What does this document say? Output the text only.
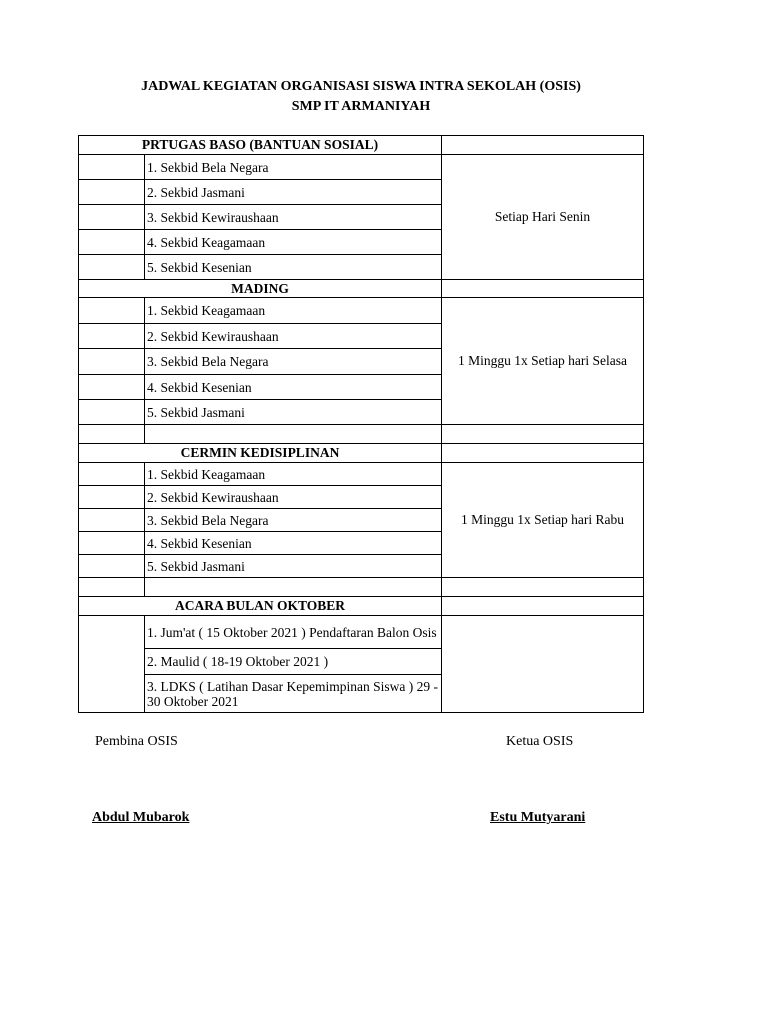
JADWAL KEGIATAN ORGANISASI SISWA INTRA SEKOLAH (OSIS)
SMP IT ARMANIYAH
PRTUGAS BASO (BANTUAN SOSIAL)		
	1. Sekbid Bela Negara	Setiap Hari Senin
	2. Sekbid Jasmani	
	3. Sekbid Kewiraushaan	
	4. Sekbid Keagamaan	
	5. Sekbid Kesenian	
MADING		
	1. Sekbid Keagamaan	1 Minggu 1x Setiap hari Selasa
	2. Sekbid Kewiraushaan	
	3. Sekbid Bela Negara	
	4. Sekbid Kesenian	
	5. Sekbid Jasmani	

CERMIN KEDISIPLINAN		
	1. Sekbid Keagamaan	1 Minggu 1x Setiap hari Rabu
	2. Sekbid Kewiraushaan	
	3. Sekbid Bela Negara	
	4. Sekbid Kesenian	
	5. Sekbid Jasmani	

ACARA BULAN OKTOBER		
	1. Jum'at ( 15 Oktober 2021 ) Pendaftaran Balon Osis	
	2. Maulid ( 18-19 Oktober 2021 )	
	3. LDKS ( Latihan Dasar Kepemimpinan Siswa ) 29 - 30 Oktober 2021	
Pembina OSIS	Ketua OSIS
Abdul Mubarok	Estu Mutyarani
